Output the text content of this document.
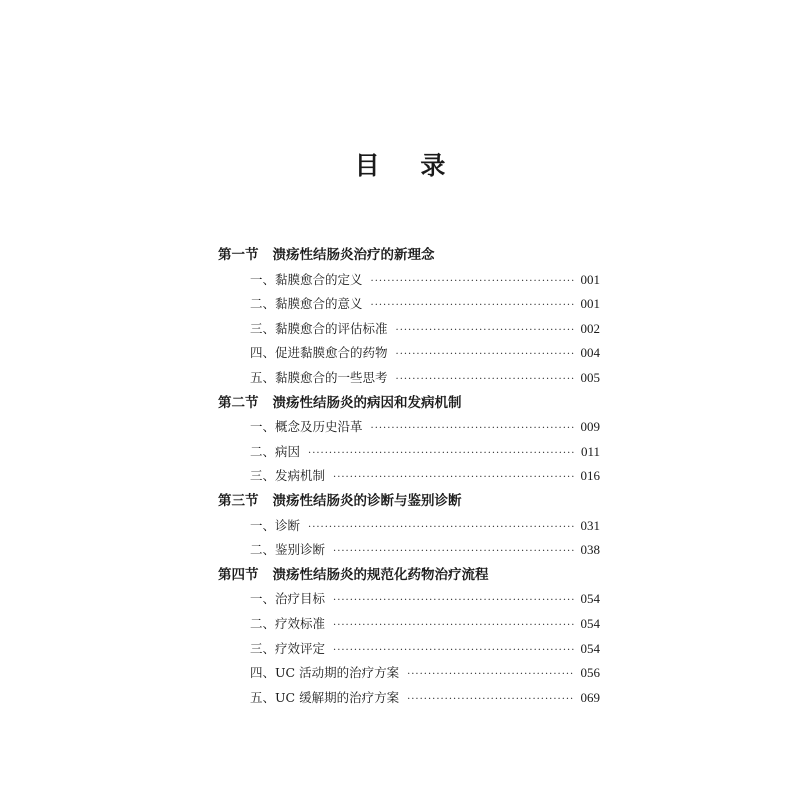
目 录
第一节 溃疡性结肠炎治疗的新理念
一、黏膜愈合的定义 ·····	001
二、黏膜愈合的意义 ·····	001
三、黏膜愈合的评估标准 ·····	002
四、促进黏膜愈合的药物 ·····	004
五、黏膜愈合的一些思考 ·····	005
第二节 溃疡性结肠炎的病因和发病机制
一、概念及历史沿革 ·····	009
二、病因 ·····	011
三、发病机制 ·····	016
第三节 溃疡性结肠炎的诊断与鉴别诊断
一、诊断 ·····	031
二、鉴别诊断 ·····	038
第四节 溃疡性结肠炎的规范化药物治疗流程
一、治疗目标 ·····	054
二、疗效标准 ·····	054
三、疗效评定 ·····	054
四、UC 活动期的治疗方案 ·····	056
五、UC 缓解期的治疗方案 ·····	069
